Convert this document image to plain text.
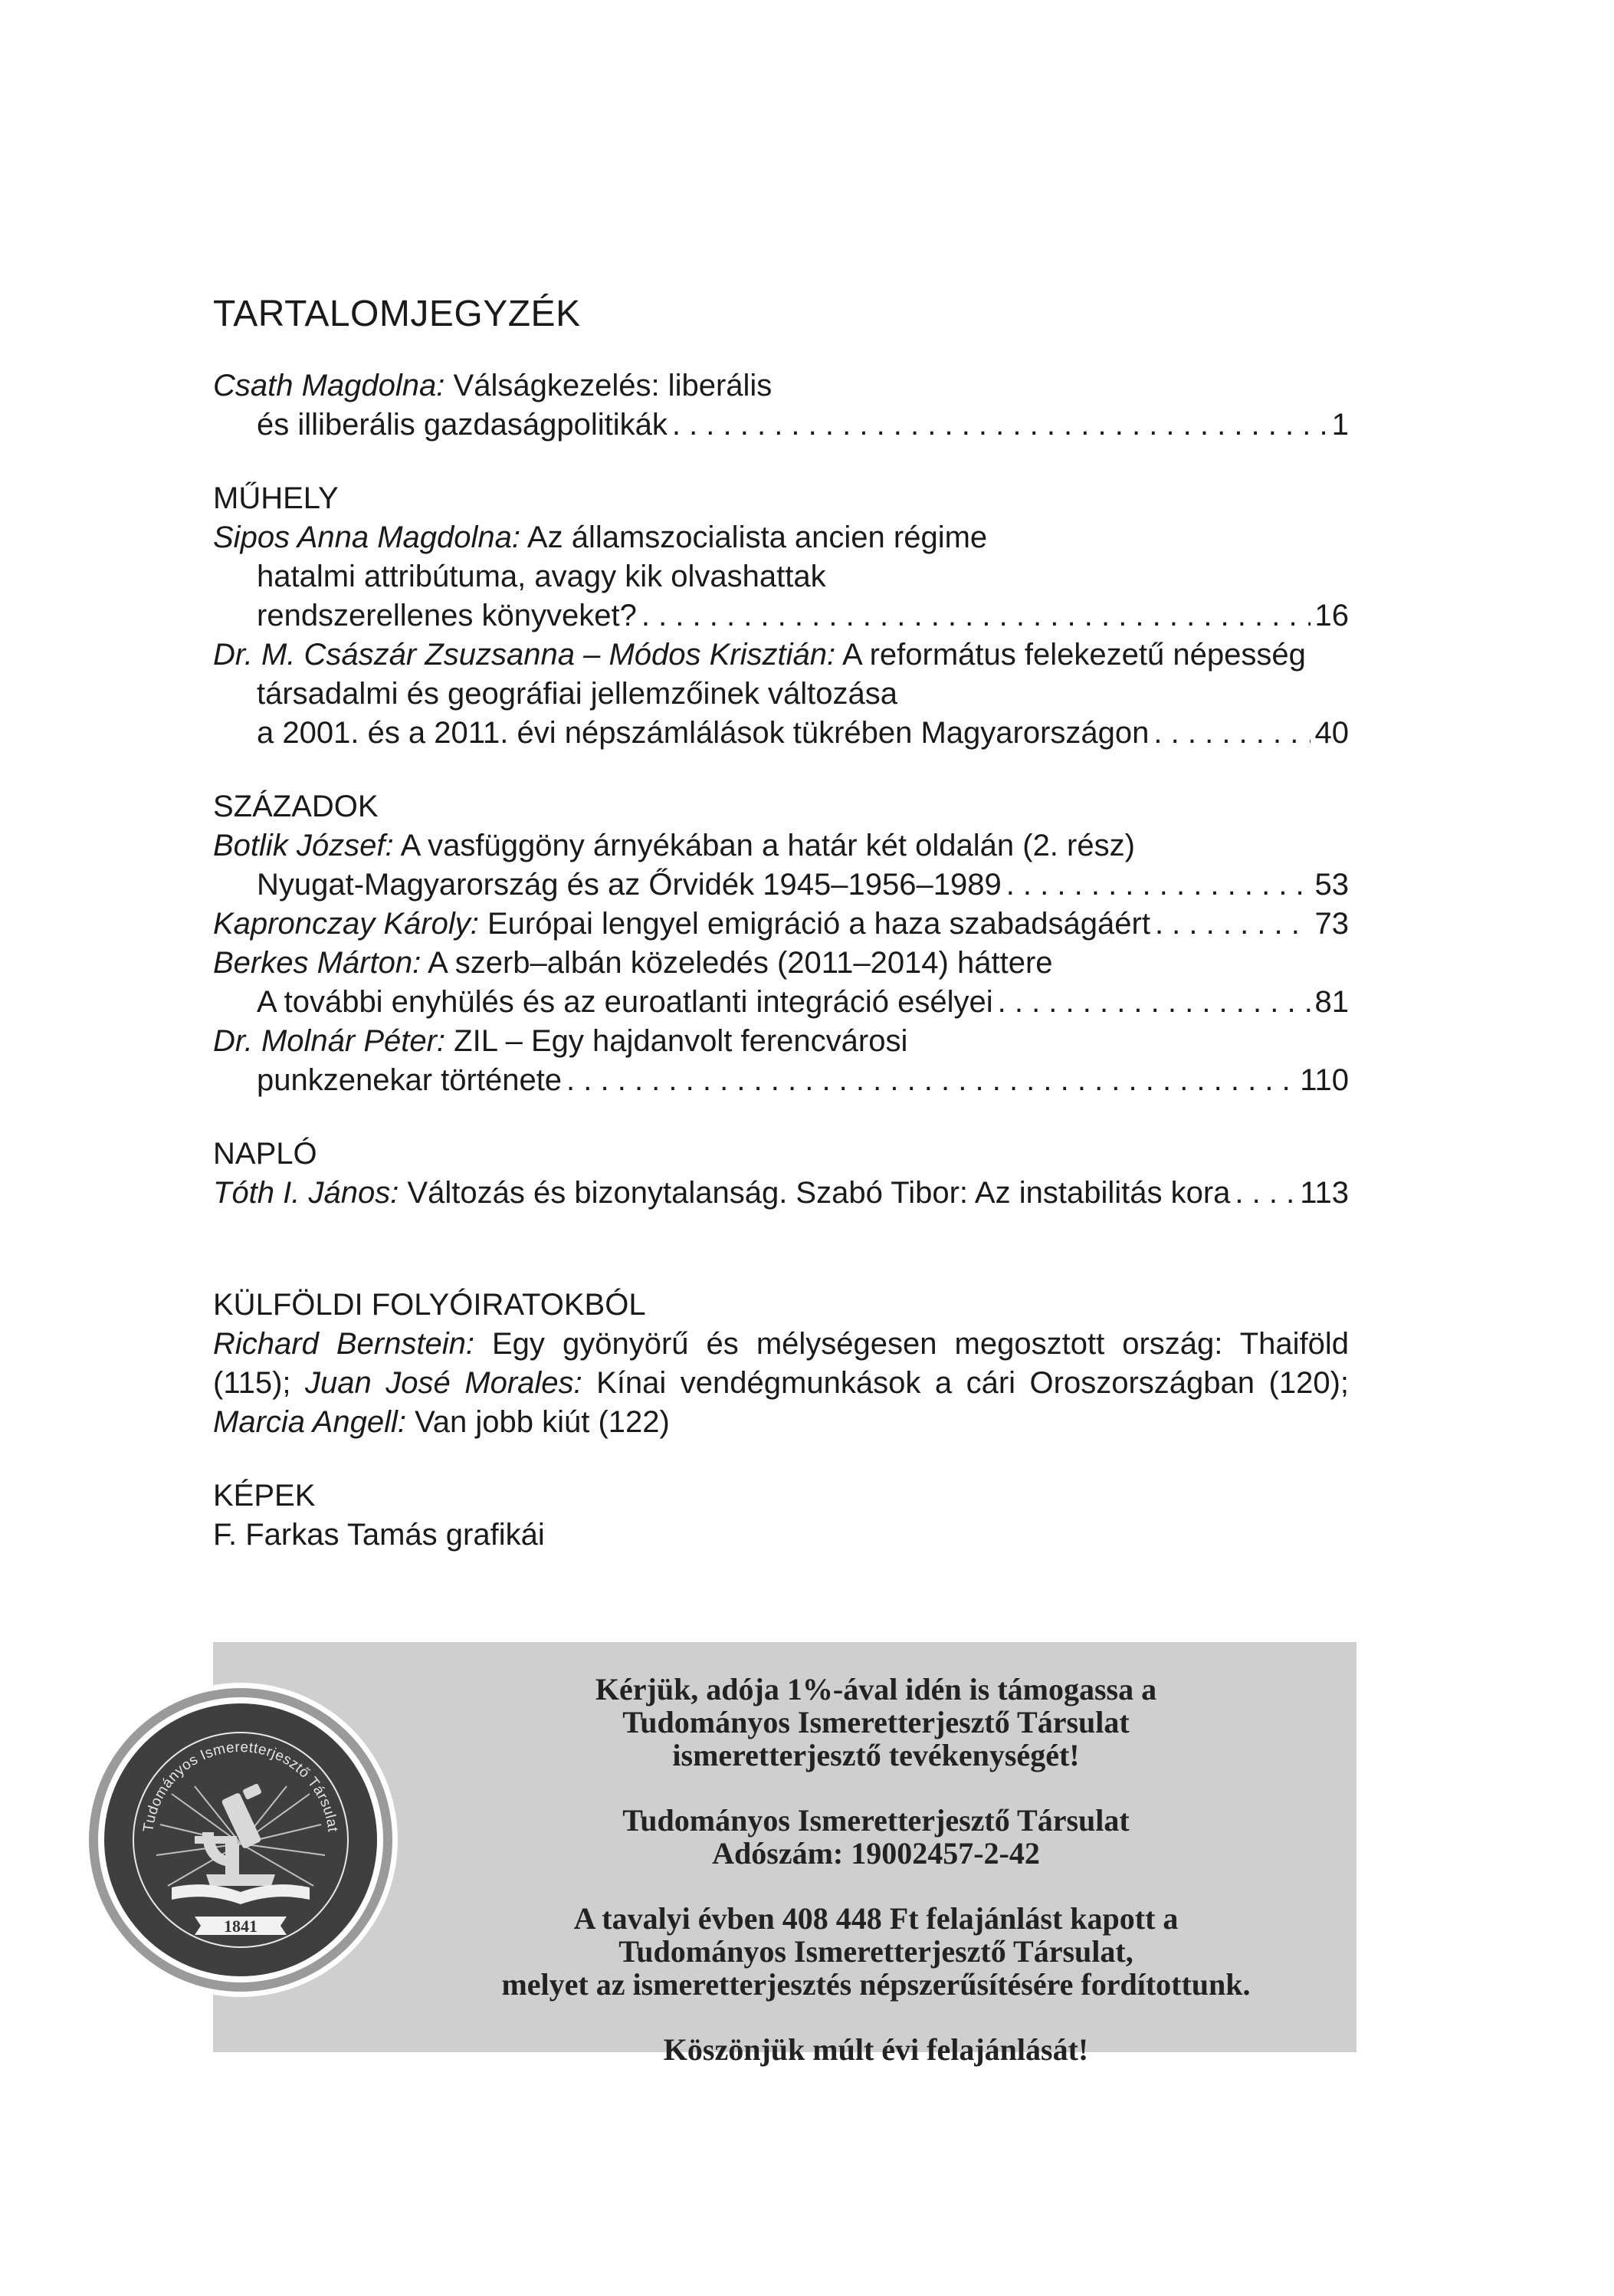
TARTALOMJEGYZÉK
Csath Magdolna: Válságkezelés: liberális
és illiberális gazdaságpolitikák . . .	1
MŰHELY
Sipos Anna Magdolna: Az államszocialista ancien régime
hatalmi attribútuma, avagy kik olvashattak
rendszerellenes könyveket? . . .	16
Dr. M. Császár Zsuzsanna – Módos Krisztián: A református felekezetű népesség
társadalmi és geográfiai jellemzőinek változása
a 2001. és a 2011. évi népszámlálások tükrében Magyarországon . . .	40
SZÁZADOK
Botlik József: A vasfüggöny árnyékában a határ két oldalán (2. rész)
Nyugat-Magyarország és az Őrvidék 1945–1956–1989 . . .	53
Kapronczay Károly: Európai lengyel emigráció a haza szabadságáért . . .	73
Berkes Márton: A szerb–albán közeledés (2011–2014) háttere
A további enyhülés és az euroatlanti integráció esélyei . . .	81
Dr. Molnár Péter: ZIL – Egy hajdanvolt ferencvárosi
punkzenekar története . . .	110
NAPLÓ
Tóth I. János: Változás és bizonytalanság. Szabó Tibor: Az instabilitás kora . . . 113
KÜLFÖLDI FOLYÓIRATOKBÓL
Richard Bernstein: Egy gyönyörű és mélységesen megosztott ország: Thaiföld (115); Juan José Morales: Kínai vendégmunkások a cári Oroszországban (120); Marcia Angell: Van jobb kiút (122)
KÉPEK
F. Farkas Tamás grafikái

Kérjük, adója 1%-ával idén is támogassa a
Tudományos Ismeretterjesztő Társulat
ismeretterjesztő tevékenységét!

Tudományos Ismeretterjesztő Társulat
Adószám: 19002457-2-42

A tavalyi évben 408 448 Ft felajánlást kapott a
Tudományos Ismeretterjesztő Társulat,
melyet az ismeretterjesztés népszerűsítésére fordítottunk.

Köszönjük múlt évi felajánlását!

Tudományos Ismeretterjesztő Társulat
1841
